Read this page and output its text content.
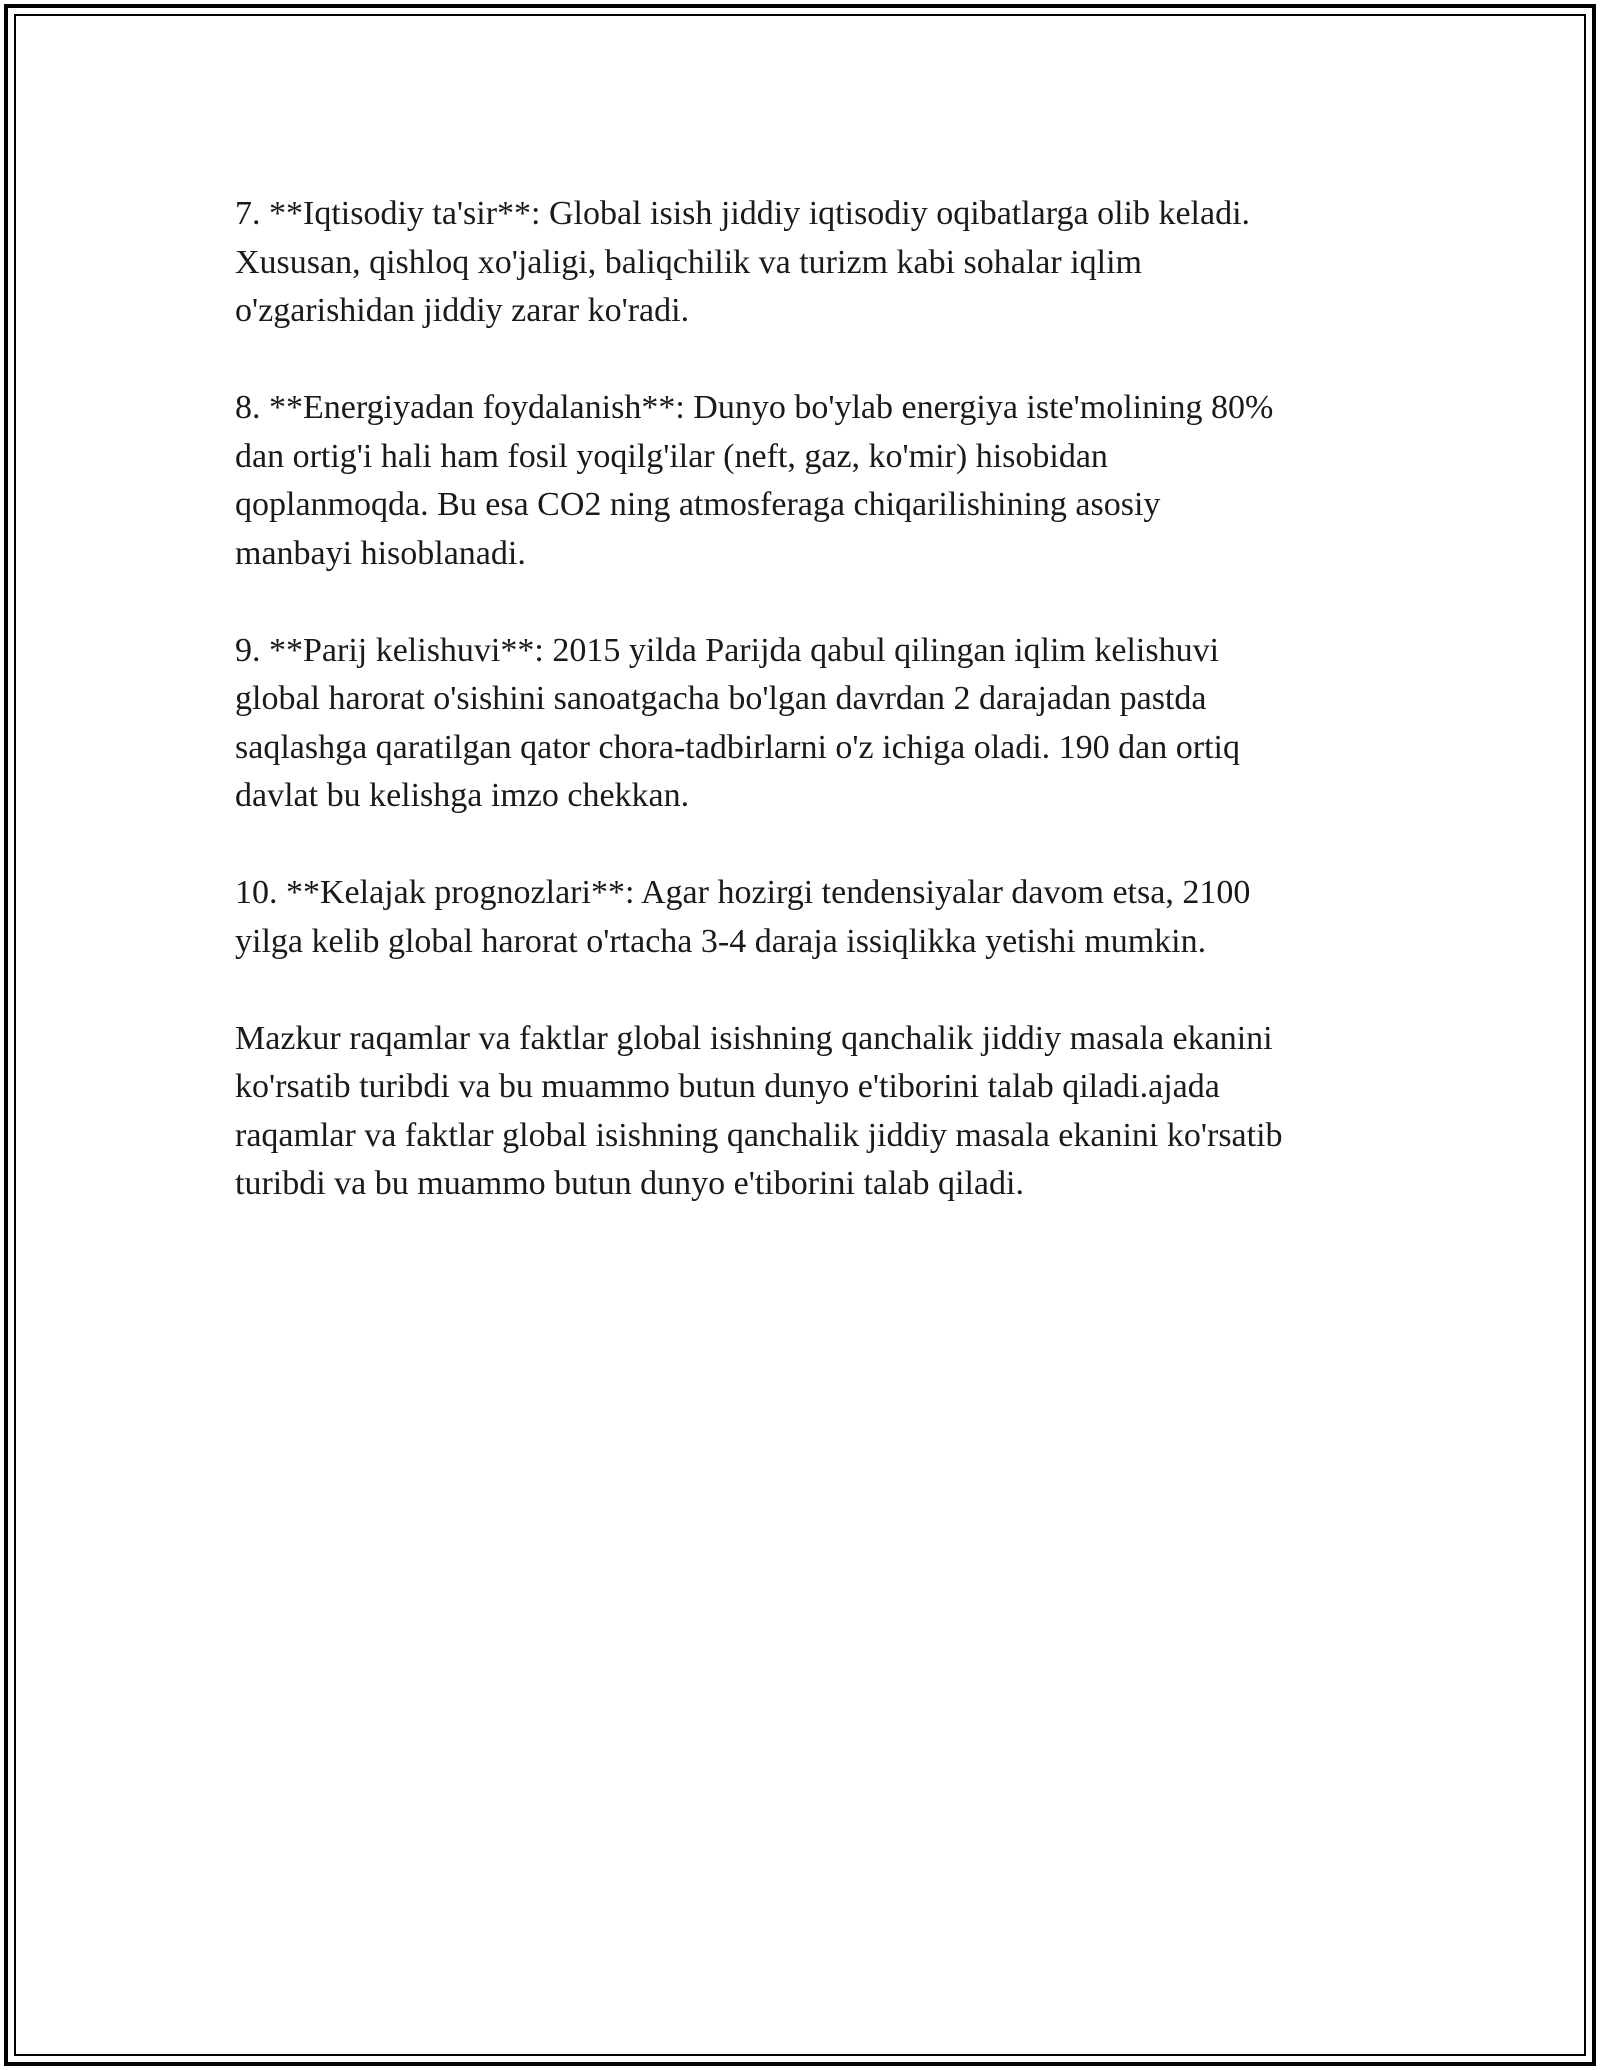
7. **Iqtisodiy ta'sir**: Global isish jiddiy iqtisodiy oqibatlarga olib keladi.
Xususan, qishloq xo'jaligi, baliqchilik va turizm kabi sohalar iqlim
o'zgarishidan jiddiy zarar ko'radi.

8. **Energiyadan foydalanish**: Dunyo bo'ylab energiya iste'molining 80%
dan ortig'i hali ham fosil yoqilg'ilar (neft, gaz, ko'mir) hisobidan
qoplanmoqda. Bu esa CO2 ning atmosferaga chiqarilishining asosiy
manbayi hisoblanadi.

9. **Parij kelishuvi**: 2015 yilda Parijda qabul qilingan iqlim kelishuvi
global harorat o'sishini sanoatgacha bo'lgan davrdan 2 darajadan pastda
saqlashga qaratilgan qator chora-tadbirlarni o'z ichiga oladi. 190 dan ortiq
davlat bu kelishga imzo chekkan.

10. **Kelajak prognozlari**: Agar hozirgi tendensiyalar davom etsa, 2100
yilga kelib global harorat o'rtacha 3-4 daraja issiqlikka yetishi mumkin.

Mazkur raqamlar va faktlar global isishning qanchalik jiddiy masala ekanini
ko'rsatib turibdi va bu muammo butun dunyo e'tiborini talab qiladi.ajada
raqamlar va faktlar global isishning qanchalik jiddiy masala ekanini ko'rsatib
turibdi va bu muammo butun dunyo e'tiborini talab qiladi.
